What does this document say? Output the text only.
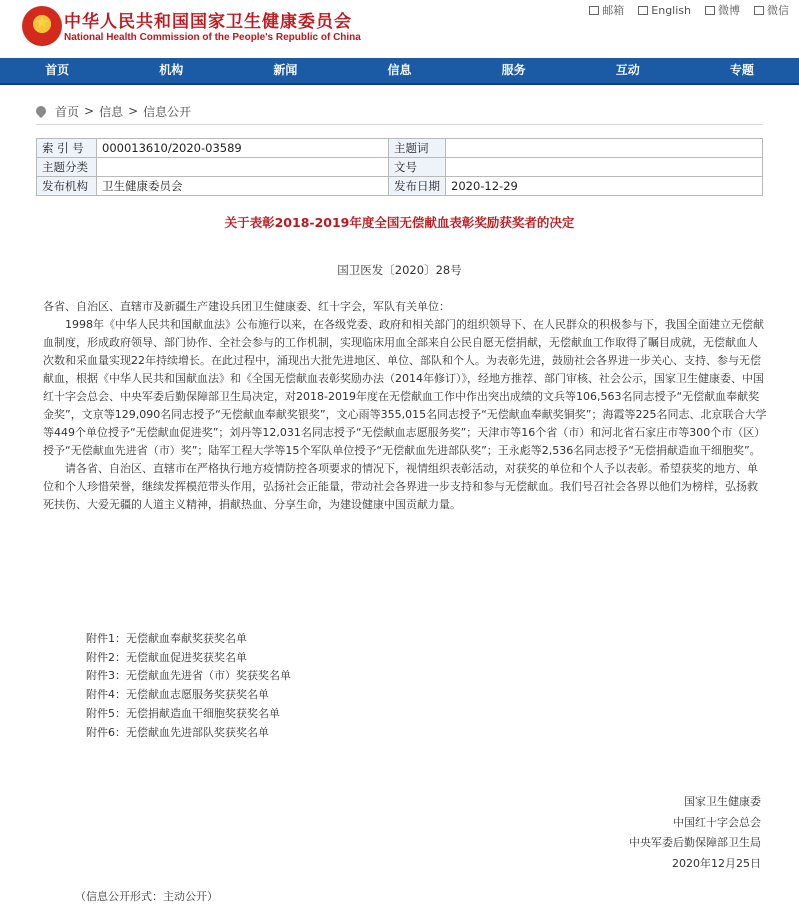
★
中华人民共和国国家卫生健康委员会
National Health Commission of the People's Republic of China
邮箱 English 微博 微信
首页	机构	新闻	信息	服务	互动	专题
首页 > 信息 > 信息公开
索 引 号	000013610/2020-03589	主题词	
主题分类		文号	
发布机构	卫生健康委员会	发布日期	2020-12-29
关于表彰2018-2019年度全国无偿献血表彰奖励获奖者的决定
国卫医发〔2020〕28号

各省、自治区、直辖市及新疆生产建设兵团卫生健康委、红十字会，军队有关单位：

1998年《中华人民共和国献血法》公布施行以来，在各级党委、政府和相关部门的组织领导下、在人民群众的积极参与下，我国全面建立无偿献血制度，形成政府领导、部门协作、全社会参与的工作机制，实现临床用血全部来自公民自愿无偿捐献，无偿献血工作取得了瞩目成就，无偿献血人次数和采血量实现22年持续增长。在此过程中，涌现出大批先进地区、单位、部队和个人。为表彰先进，鼓励社会各界进一步关心、支持、参与无偿献血，根据《中华人民共和国献血法》和《全国无偿献血表彰奖励办法（2014年修订）》，经地方推荐、部门审核、社会公示，国家卫生健康委、中国红十字会总会、中央军委后勤保障部卫生局决定，对2018-2019年度在无偿献血工作中作出突出成绩的文兵等106,563名同志授予“无偿献血奉献奖金奖”，文京等129,090名同志授予“无偿献血奉献奖银奖”，文心雨等355,015名同志授予“无偿献血奉献奖铜奖”；海霞等225名同志、北京联合大学等449个单位授予“无偿献血促进奖”；刘丹等12,031名同志授予“无偿献血志愿服务奖”；天津市等16个省（市）和河北省石家庄市等300个市（区）授予“无偿献血先进省（市）奖”；陆军工程大学等15个军队单位授予“无偿献血先进部队奖”；王永彪等2,536名同志授予“无偿捐献造血干细胞奖”。

请各省、自治区、直辖市在严格执行地方疫情防控各项要求的情况下，视情组织表彰活动，对获奖的单位和个人予以表彰。希望获奖的地方、单位和个人珍惜荣誉，继续发挥模范带头作用，弘扬社会正能量，带动社会各界进一步支持和参与无偿献血。我们号召社会各界以他们为榜样，弘扬救死扶伤、大爱无疆的人道主义精神，捐献热血、分享生命，为建设健康中国贡献力量。

附件1：无偿献血奉献奖获奖名单
附件2：无偿献血促进奖获奖名单
附件3：无偿献血先进省（市）奖获奖名单
附件4：无偿献血志愿服务奖获奖名单
附件5：无偿捐献造血干细胞奖获奖名单
附件6：无偿献血先进部队奖获奖名单
国家卫生健康委
中国红十字会总会
中央军委后勤保障部卫生局
2020年12月25日
（信息公开形式：主动公开）
